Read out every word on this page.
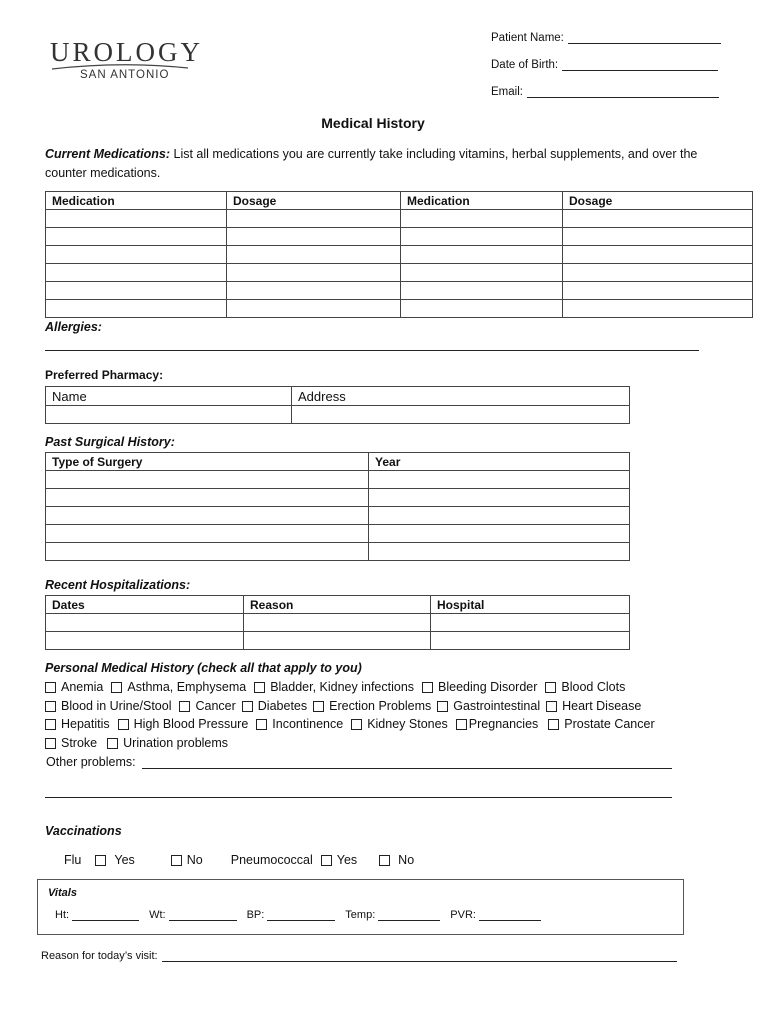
UROLOGY
SAN ANTONIO
Patient Name:
Date of Birth:
Email:
Medical History
Current Medications: List all medications you are currently take including vitamins, herbal supplements, and over the counter medications.
Medication	Dosage	Medication	Dosage

Allergies:
Preferred Pharmacy:
Name	Address

Past Surgical History:
Type of Surgery	Year

Recent Hospitalizations:
Dates	Reason	Hospital

Personal Medical History (check all that apply to you)
Anemia Asthma, Emphysema Bladder, Kidney infections Bleeding Disorder Blood Clots
Blood in Urine/Stool Cancer Diabetes Erection Problems Gastrointestinal Heart Disease
Hepatitis High Blood Pressure Incontinence Kidney Stones Pregnancies Prostate Cancer
Stroke Urination problems
Other problems:
Vaccinations
Flu	Yes	No Pneumococcal Yes	No
Vitals
Ht:	Wt:	BP:	Temp:	PVR:
Reason for today’s visit:
